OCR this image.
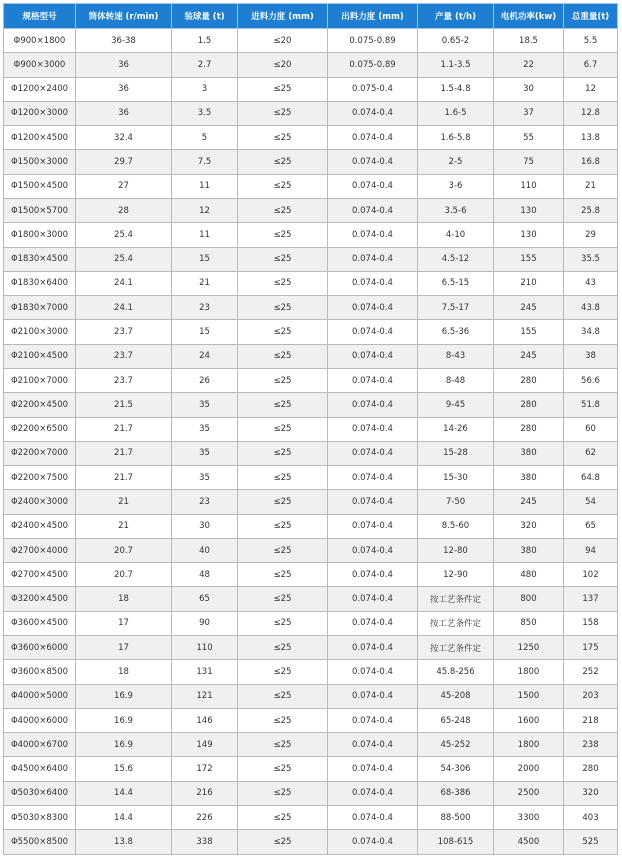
规格型号	筒体转速 (r/min)	装球量 (t)	进料力度 (mm)	出料力度 (mm)	产量 (t/h)	电机功率(kw)	总重量(t)
Φ900×1800	36-38	1.5	≤20	0.075-0.89	0.65-2	18.5	5.5
Φ900×3000	36	2.7	≤20	0.075-0.89	1.1-3.5	22	6.7
Φ1200×2400	36	3	≤25	0.075-0.4	1.5-4.8	30	12
Φ1200×3000	36	3.5	≤25	0.074-0.4	1.6-5	37	12.8
Φ1200×4500	32.4	5	≤25	0.074-0.4	1.6-5.8	55	13.8
Φ1500×3000	29.7	7.5	≤25	0.074-0.4	2-5	75	16.8
Φ1500×4500	27	11	≤25	0.074-0.4	3-6	110	21
Φ1500×5700	28	12	≤25	0.074-0.4	3.5-6	130	25.8
Φ1800×3000	25.4	11	≤25	0.074-0.4	4-10	130	29
Φ1830×4500	25.4	15	≤25	0.074-0.4	4.5-12	155	35.5
Φ1830×6400	24.1	21	≤25	0.074-0.4	6.5-15	210	43
Φ1830×7000	24.1	23	≤25	0.074-0.4	7.5-17	245	43.8
Φ2100×3000	23.7	15	≤25	0.074-0.4	6.5-36	155	34.8
Φ2100×4500	23.7	24	≤25	0.074-0.4	8-43	245	38
Φ2100×7000	23.7	26	≤25	0.074-0.4	8-48	280	56.6
Φ2200×4500	21.5	35	≤25	0.074-0.4	9-45	280	51.8
Φ2200×6500	21.7	35	≤25	0.074-0.4	14-26	280	60
Φ2200×7000	21.7	35	≤25	0.074-0.4	15-28	380	62
Φ2200×7500	21.7	35	≤25	0.074-0.4	15-30	380	64.8
Φ2400×3000	21	23	≤25	0.074-0.4	7-50	245	54
Φ2400×4500	21	30	≤25	0.074-0.4	8.5-60	320	65
Φ2700×4000	20.7	40	≤25	0.074-0.4	12-80	380	94
Φ2700×4500	20.7	48	≤25	0.074-0.4	12-90	480	102
Φ3200×4500	18	65	≤25	0.074-0.4	按工艺条件定	800	137
Φ3600×4500	17	90	≤25	0.074-0.4	按工艺条件定	850	158
Φ3600×6000	17	110	≤25	0.074-0.4	按工艺条件定	1250	175
Φ3600×8500	18	131	≤25	0.074-0.4	45.8-256	1800	252
Φ4000×5000	16.9	121	≤25	0.074-0.4	45-208	1500	203
Φ4000×6000	16.9	146	≤25	0.074-0.4	65-248	1600	218
Φ4000×6700	16.9	149	≤25	0.074-0.4	45-252	1800	238
Φ4500×6400	15.6	172	≤25	0.074-0.4	54-306	2000	280
Φ5030×6400	14.4	216	≤25	0.074-0.4	68-386	2500	320
Φ5030×8300	14.4	226	≤25	0.074-0.4	88-500	3300	403
Φ5500×8500	13.8	338	≤25	0.074-0.4	108-615	4500	525
